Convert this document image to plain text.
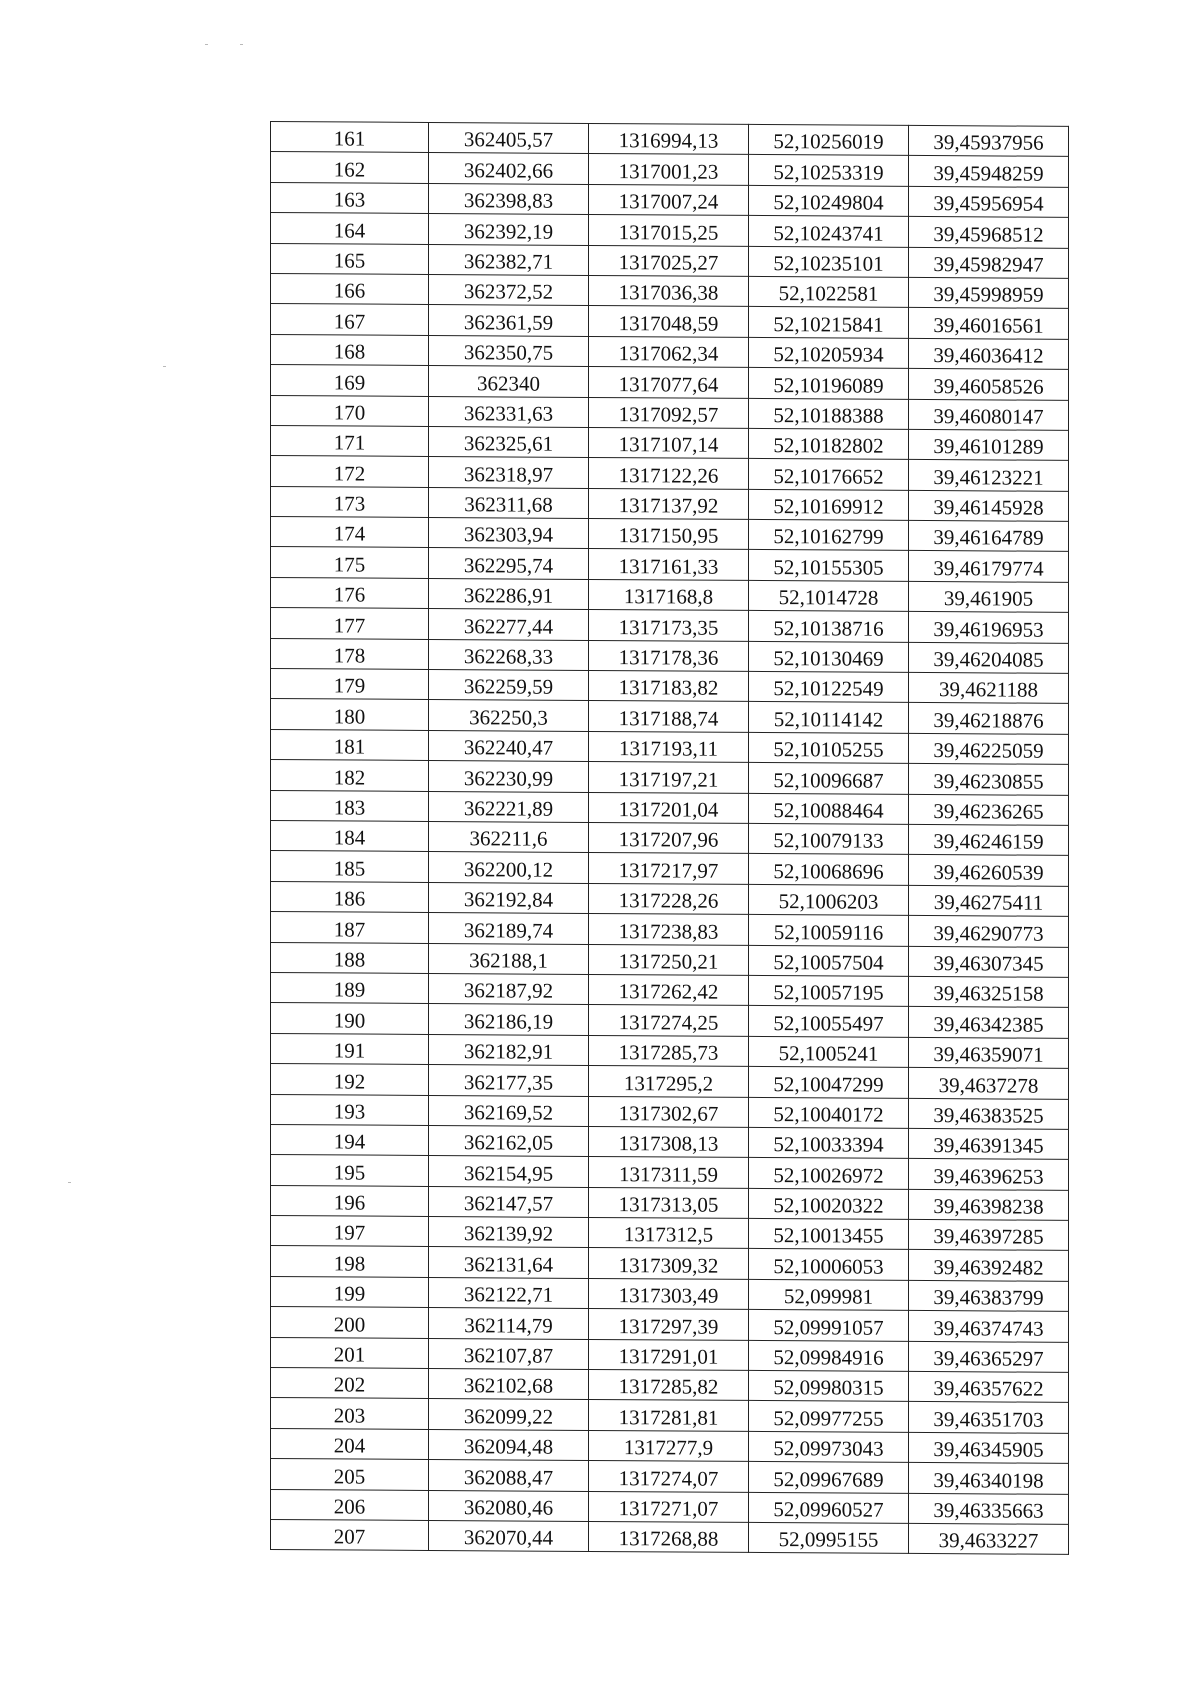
161	362405,57	1316994,13	52,10256019	39,45937956
162	362402,66	1317001,23	52,10253319	39,45948259
163	362398,83	1317007,24	52,10249804	39,45956954
164	362392,19	1317015,25	52,10243741	39,45968512
165	362382,71	1317025,27	52,10235101	39,45982947
166	362372,52	1317036,38	52,1022581	39,45998959
167	362361,59	1317048,59	52,10215841	39,46016561
168	362350,75	1317062,34	52,10205934	39,46036412
169	362340	1317077,64	52,10196089	39,46058526
170	362331,63	1317092,57	52,10188388	39,46080147
171	362325,61	1317107,14	52,10182802	39,46101289
172	362318,97	1317122,26	52,10176652	39,46123221
173	362311,68	1317137,92	52,10169912	39,46145928
174	362303,94	1317150,95	52,10162799	39,46164789
175	362295,74	1317161,33	52,10155305	39,46179774
176	362286,91	1317168,8	52,1014728	39,461905
177	362277,44	1317173,35	52,10138716	39,46196953
178	362268,33	1317178,36	52,10130469	39,46204085
179	362259,59	1317183,82	52,10122549	39,4621188
180	362250,3	1317188,74	52,10114142	39,46218876
181	362240,47	1317193,11	52,10105255	39,46225059
182	362230,99	1317197,21	52,10096687	39,46230855
183	362221,89	1317201,04	52,10088464	39,46236265
184	362211,6	1317207,96	52,10079133	39,46246159
185	362200,12	1317217,97	52,10068696	39,46260539
186	362192,84	1317228,26	52,1006203	39,46275411
187	362189,74	1317238,83	52,10059116	39,46290773
188	362188,1	1317250,21	52,10057504	39,46307345
189	362187,92	1317262,42	52,10057195	39,46325158
190	362186,19	1317274,25	52,10055497	39,46342385
191	362182,91	1317285,73	52,1005241	39,46359071
192	362177,35	1317295,2	52,10047299	39,4637278
193	362169,52	1317302,67	52,10040172	39,46383525
194	362162,05	1317308,13	52,10033394	39,46391345
195	362154,95	1317311,59	52,10026972	39,46396253
196	362147,57	1317313,05	52,10020322	39,46398238
197	362139,92	1317312,5	52,10013455	39,46397285
198	362131,64	1317309,32	52,10006053	39,46392482
199	362122,71	1317303,49	52,099981	39,46383799
200	362114,79	1317297,39	52,09991057	39,46374743
201	362107,87	1317291,01	52,09984916	39,46365297
202	362102,68	1317285,82	52,09980315	39,46357622
203	362099,22	1317281,81	52,09977255	39,46351703
204	362094,48	1317277,9	52,09973043	39,46345905
205	362088,47	1317274,07	52,09967689	39,46340198
206	362080,46	1317271,07	52,09960527	39,46335663
207	362070,44	1317268,88	52,0995155	39,4633227
